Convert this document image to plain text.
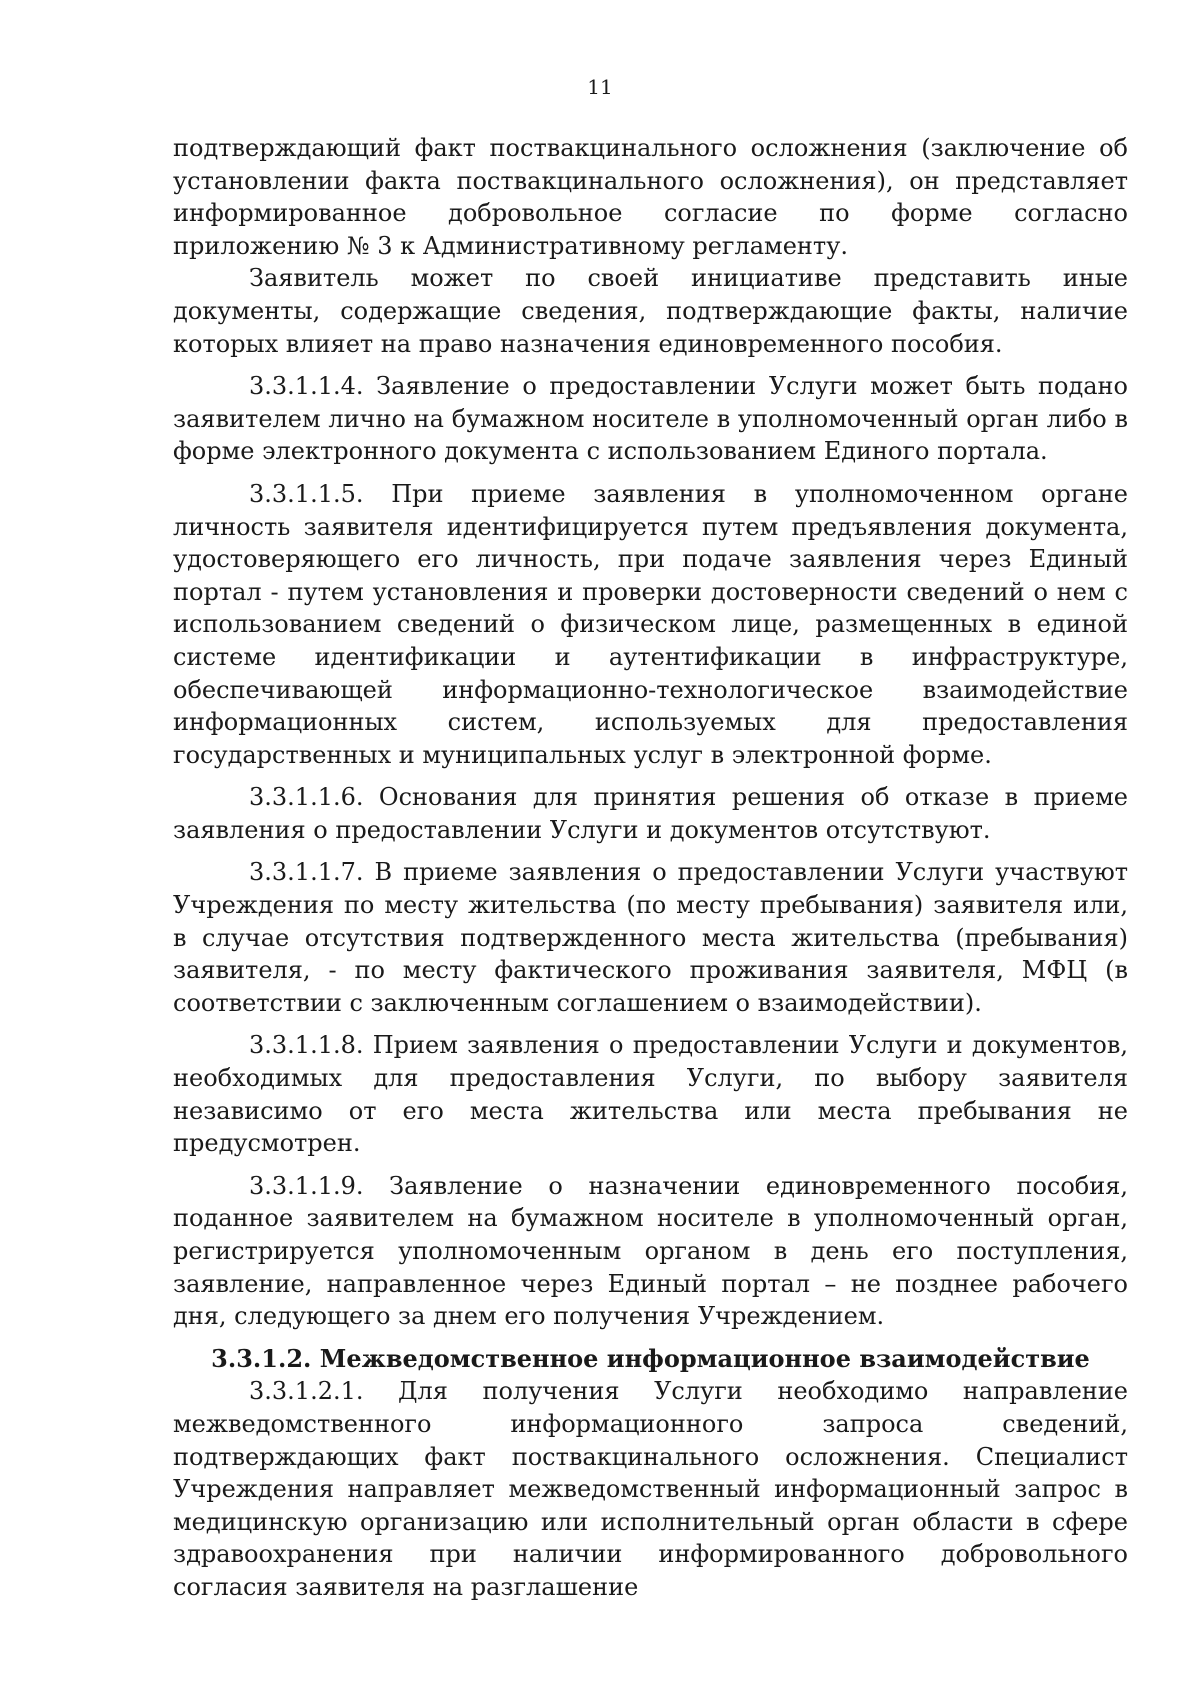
11

подтверждающий факт поствакцинального осложнения (заключение об установлении факта поствакцинального осложнения), он представляет информированное добровольное согласие по форме согласно приложению № 3 к Административному регламенту.

Заявитель может по своей инициативе представить иные документы, содержащие сведения, подтверждающие факты, наличие которых влияет на право назначения единовременного пособия.

3.3.1.1.4. Заявление о предоставлении Услуги может быть подано заявителем лично на бумажном носителе в уполномоченный орган либо в форме электронного документа с использованием Единого портала.

3.3.1.1.5. При приеме заявления в уполномоченном органе личность заявителя идентифицируется путем предъявления документа, удостоверяющего его личность, при подаче заявления через Единый портал - путем установления и проверки достоверности сведений о нем с использованием сведений о физическом лице, размещенных в единой системе идентификации и аутентификации в инфраструктуре, обеспечивающей информационно-технологическое взаимодействие информационных систем, используемых для предоставления государственных и муниципальных услуг в электронной форме.

3.3.1.1.6. Основания для принятия решения об отказе в приеме заявления о предоставлении Услуги и документов отсутствуют.

3.3.1.1.7. В приеме заявления о предоставлении Услуги участвуют Учреждения по месту жительства (по месту пребывания) заявителя или, в случае отсутствия подтвержденного места жительства (пребывания) заявителя, - по месту фактического проживания заявителя, МФЦ (в соответствии с заключенным соглашением о взаимодействии).

3.3.1.1.8. Прием заявления о предоставлении Услуги и документов, необходимых для предоставления Услуги, по выбору заявителя независимо от его места жительства или места пребывания не предусмотрен.

3.3.1.1.9. Заявление о назначении единовременного пособия, поданное заявителем на бумажном носителе в уполномоченный орган, регистрируется уполномоченным органом в день его поступления, заявление, направленное через Единый портал – не позднее рабочего дня, следующего за днем его получения Учреждением.

3.3.1.2. Межведомственное информационное взаимодействие

3.3.1.2.1. Для получения Услуги необходимо направление межведомственного информационного запроса сведений, подтверждающих факт поствакцинального осложнения. Специалист Учреждения направляет межведомственный информационный запрос в медицинскую организацию или исполнительный орган области в сфере здравоохранения при наличии информированного добровольного согласия заявителя на разглашение
